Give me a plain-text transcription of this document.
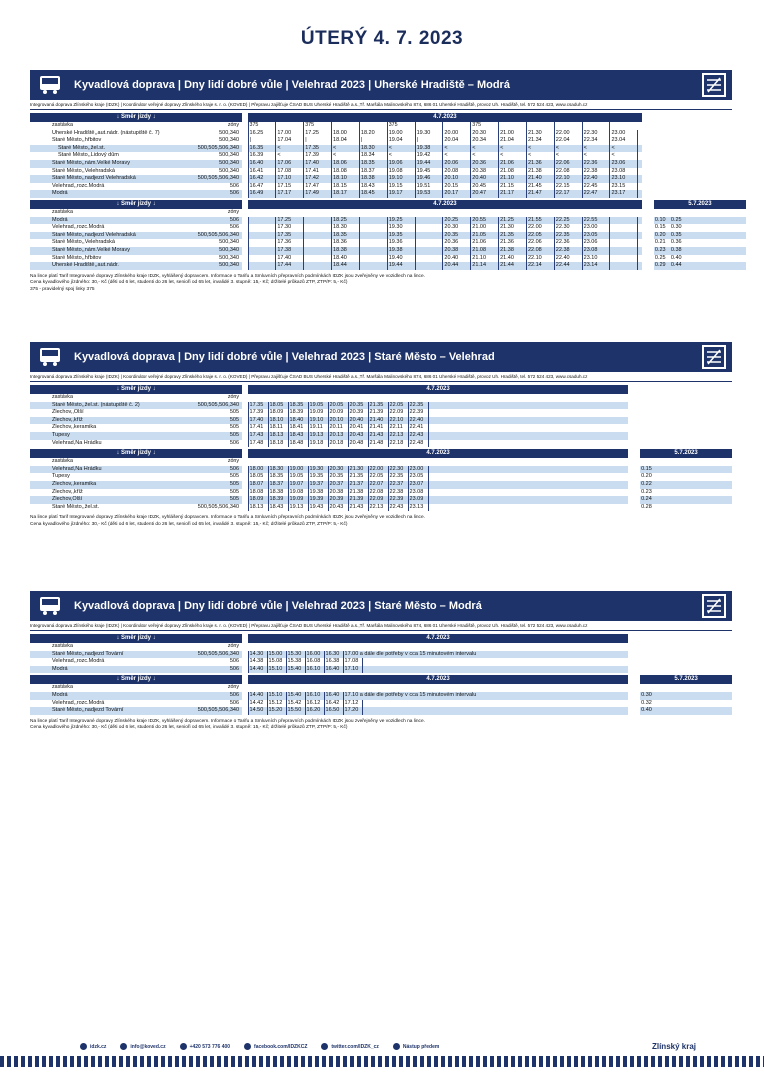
ÚTERÝ 4. 7. 2023
Kyvadlová doprava | Dny lidí dobré vůle | Velehrad 2023 | Uherské Hradiště – Modrá
Integrovaná doprava Zlínského kraje (IDZK) | Koordinátor veřejné dopravy Zlínského kraje s. r. o. (KOVED) | Přepravu zajišťuje ČSAD BUS Uherské Hradiště a.s.,Tř. Maršála Malinovského 874, 686 01 Uherské Hradiště, provoz Uh. Hradiště, tel. 572 524 423, www.csaduh.cz
↓ Směr jízdy ↓			4.7.2023																		
zastávka	zóny		375		375			375			375										
Uherské Hradiště,,aut.nádr. (nástupiště č. 7)	500,340		16.25	17.00	17.25	18.00	18.20	19.00	19.30	20.00	20.30	21.00	21.30	22.00	22.30	23.00					
Staré Město,,hřbitov	500,340		|	17.04	|	18.04	|	19.04	|	20.04	20.34	21.04	21.34	22.04	22.34	23.04					
Staré Město,,žel.st.	500,505,506,340		16.35	<	17.35	<	18.30	<	19.38	<	<	<	<	<	<	<					
Staré Město,,Lidový dům	500,340		16.39	<	17.39	<	18.34	<	19.42	<	<	<	<	<	<	<					
Staré Město,,nám.Velké Moravy	500,340		16.40	17.06	17.40	18.06	18.35	19.06	19.44	20.06	20.36	21.06	21.36	22.06	22.36	23.06					
Staré Město,,Velehradská	500,340		16.41	17.08	17.41	18.08	18.37	19.08	19.45	20.08	20.38	21.08	21.38	22.08	22.38	23.08					
Staré Město,,nadjezd Velehradská	500,505,506,340		16.42	17.10	17.42	18.10	18.38	19.10	19.46	20.10	20.40	21.10	21.40	22.10	22.40	23.10					
Velehrad,,rozc.Modrá	506		16.47	17.15	17.47	18.15	18.43	19.15	19.51	20.15	20.45	21.15	21.45	22.15	22.45	23.15					
Modrá	506		16.49	17.17	17.49	18.17	18.45	19.17	19.53	20.17	20.47	21.17	21.47	22.17	22.47	23.17					
↓ Směr jízdy ↓			4.7.2023																5.7.2023		
zastávka	zóny																				
Modrá	506			17.25		18.25		19.25		20.25	20.55	21.25	21.55	22.25	22.55				0.10	0.25	
Velehrad,,rozc.Modrá	506			17.30		18.30		19.30		20.30	21.00	21.30	22.00	22.30	23.00				0.15	0.30	
Staré Město,,nadjezd Velehradská	500,505,506,340			17.35		18.35		19.35		20.35	21.05	21.35	22.05	22.35	23.05				0.20	0.35	
Staré Město,,Velehradská	500,340			17.36		18.36		19.36		20.36	21.06	21.36	22.06	22.36	23.06				0.21	0.36	
Staré Město,,nám.Velké Moravy	500,340			17.38		18.38		19.38		20.38	21.08	21.38	22.08	22.38	23.08				0.23	0.38	
Staré Město,,hřbitov	500,340			17.40		18.40		19.40		20.40	21.10	21.40	22.10	22.40	23.10				0.25	0.40	
Uherské Hradiště,,aut.nádr.	500,340			17.44		18.44		19.44		20.44	21.14	21.44	22.14	22.44	23.14				0.29	0.44	
Na lince platí Tarif Integrované dopravy Zlínského kraje IDZK, vyhlášený dopravcem. Informace o Tarifu a Smluvních přepravních podmínkách IDZK jsou zveřejněny ve vozidlech na lince.
Cena kyvadlového jízdného: 30,- Kč (děti od 6 let, studenti do 26 let, senioři od 65 let, invalidé 3. stupně: 15,- Kč; držitelé průkazů ZTP, ZTP/P: 5,- Kč)
375 - pravidelný spoj linky 375
Kyvadlová doprava | Dny lidí dobré vůle | Velehrad 2023 | Staré Město – Velehrad
Integrovaná doprava Zlínského kraje (IDZK) | Koordinátor veřejné dopravy Zlínského kraje s. r. o. (KOVED) | Přepravu zajišťuje ČSAD BUS Uherské Hradiště a.s.,Tř. Maršála Malinovského 874, 686 01 Uherské Hradiště, provoz Uh. Hradiště, tel. 572 524 423, www.csaduh.cz
↓ Směr jízdy ↓			4.7.2023													
zastávka	zóny															
Staré Město,,žel.st. (nástupiště č. 2)	500,505,506,340		17.35	18.05	18.35	19.05	20.05	20.35	21.35	22.05	22.35					
Zlechov,,Olší	505		17.39	18.09	18.39	19.09	20.09	20.39	21.39	22.09	22.39					
Zlechov,,kříž	505		17.40	18.10	18.40	19.10	20.10	20.40	21.40	22.10	22.40					
Zlechov,,keramika	505		17.41	18.11	18.41	19.11	20.11	20.41	21.41	22.11	22.41					
Tupesy	505		17.43	18.13	18.43	19.13	20.13	20.43	21.43	22.13	22.43					
Velehrad,Na Hrádku	506		17.48	18.18	18.48	19.18	20.18	20.48	21.48	22.18	22.48					
↓ Směr jízdy ↓			4.7.2023											5.7.2023		
zastávka	zóny															
Velehrad,Na Hrádku	506		18.00	18.30	19.00	19.30	20.30	21.30	22.00	22.30	23.00			0.15		
Tupesy	505		18.05	18.35	19.05	19.35	20.35	21.35	22.05	22.35	23.05			0.20		
Zlechov,,keramika	505		18.07	18.37	19.07	19.37	20.37	21.37	22.07	22.37	23.07			0.22		
Zlechov,,kříž	505		18.08	18.38	19.08	19.38	20.38	21.38	22.08	22.38	23.08			0.23		
Zlechov,Olší	505		18.09	18.39	19.09	19.39	20.39	21.39	22.09	22.39	23.09			0.24		
Staré Město,,žel.st.	500,505,506,340		18.13	18.43	19.13	19.43	20.43	21.43	22.13	22.43	23.13			0.28		
Na lince platí Tarif Integrované dopravy Zlínského kraje IDZK, vyhlášený dopravcem. Informace o Tarifu a Smluvních přepravních podmínkách IDZK jsou zveřejněny ve vozidlech na lince.
Cena kyvadlového jízdného: 30,- Kč (děti od 6 let, studenti do 26 let, senioři od 65 let, invalidé 3. stupně: 15,- Kč; držitelé průkazů ZTP, ZTP/P: 5,- Kč)
Kyvadlová doprava | Dny lidí dobré vůle | Velehrad 2023 | Staré Město – Modrá
Integrovaná doprava Zlínského kraje (IDZK) | Koordinátor veřejné dopravy Zlínského kraje s. r. o. (KOVED) | Přepravu zajišťuje ČSAD BUS Uherské Hradiště a.s.,Tř. Maršála Malinovského 874, 686 01 Uherské Hradiště, provoz Uh. Hradiště, tel. 572 524 423, www.csaduh.cz
↓ Směr jízdy ↓			4.7.2023										
zastávka	zóny												
Staré Město,,nadjezd Tovární	500,505,506,340		14.30	15.00	15.30	16.00	16.30	17.00 a dále dle potřeby v cca 15 minutovém intervalu					
Velehrad,,rozc.Modrá	506		14.38	15.08	15.38	16.08	16.38	17.08					
Modrá	506		14.40	15.10	15.40	16.10	16.40	17.10					
↓ Směr jízdy ↓			4.7.2023								5.7.2023		
zastávka	zóny												
Modrá	506		14.40	15.10	15.40	16.10	16.40	17.10 a dále dle potřeby v cca 15 minutovém intervalu			0.30		
Velehrad,,rozc.Modrá	506		14.42	15.12	15.42	16.12	16.42	17.12			0.32		
Staré Město,,nadjezd Tovární	500,505,506,340		14.50	15.20	15.50	16.20	16.50	17.20			0.40		
Na lince platí Tarif Integrované dopravy Zlínského kraje IDZK, vyhlášený dopravcem. Informace o Tarifu a Smluvních přepravních podmínkách IDZK jsou zveřejněny ve vozidlech na lince.
Cena kyvadlového jízdného: 30,- Kč (děti od 6 let, studenti do 26 let, senioři od 65 let, invalidé 3. stupně: 15,- Kč; držitelé průkazů ZTP, ZTP/P: 5,- Kč)
idzk.cz	info@koved.cz	+420 573 776 400	facebook.com/IDZKCZ	twitter.com/IDZK_cz	Nástup předem	Zlínský kraj
